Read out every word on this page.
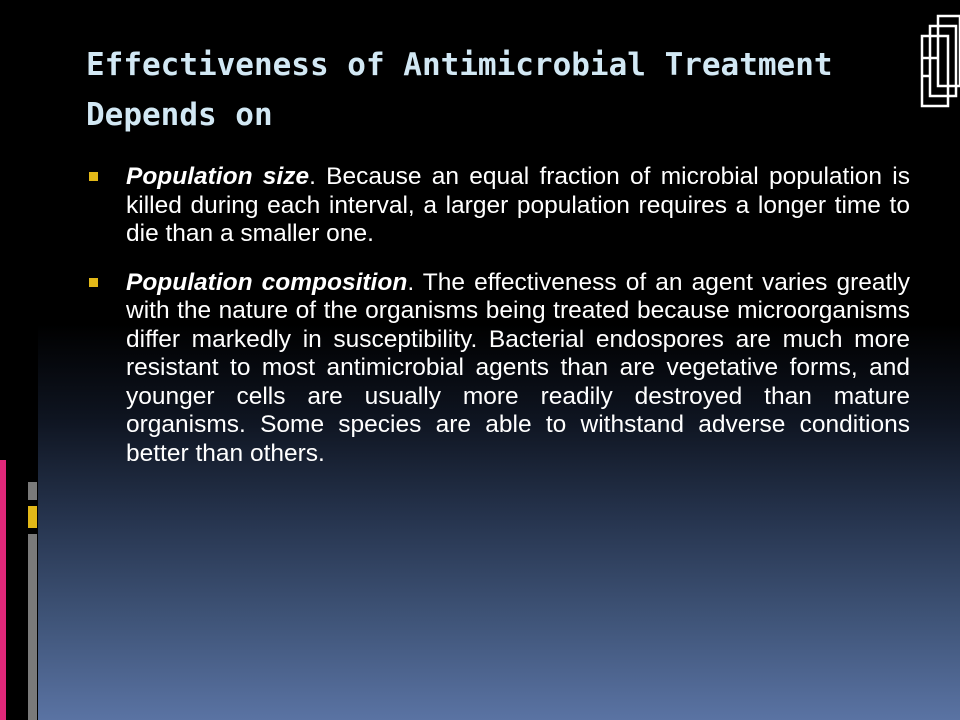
Effectiveness of Antimicrobial Treatment Depends on

Population size. Because an equal fraction of microbial population is killed during each interval, a larger population requires a longer time to die than a smaller one.

Population composition. The effectiveness of an agent varies greatly with the nature of the organisms being treated because microorganisms differ markedly in susceptibility. Bacterial endospores are much more resistant to most antimicrobial agents than are vegetative forms, and younger cells are usually more readily destroyed than mature organisms. Some species are able to withstand adverse conditions better than others.
